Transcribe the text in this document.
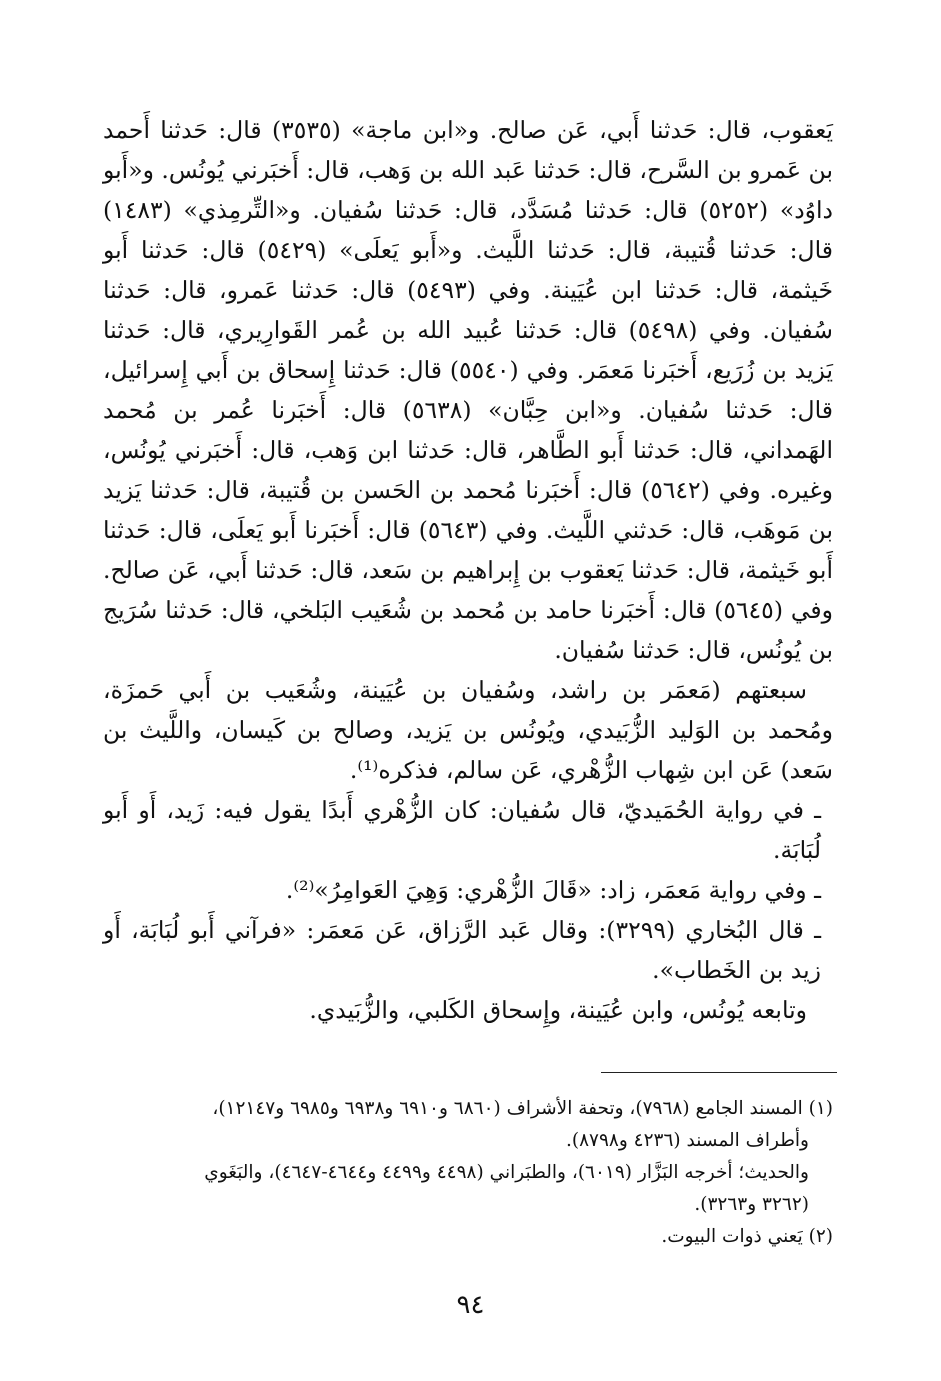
يَعقوب، قال: حَدثنا أَبي، عَن صالح. و«ابن ماجة» (٣٥٣٥) قال: حَدثنا أَحمد بن عَمرو بن السَّرح، قال: حَدثنا عَبد الله بن وَهب، قال: أَخبَرني يُونُس. و«أَبو داوُد» (٥٢٥٢) قال: حَدثنا مُسَدَّد، قال: حَدثنا سُفيان. و«التِّرمِذي» (١٤٨٣) قال: حَدثنا قُتيبة، قال: حَدثنا اللَّيث. و«أَبو يَعلَى» (٥٤٢٩) قال: حَدثنا أَبو خَيثمة، قال: حَدثنا ابن عُيَينة. وفي (٥٤٩٣) قال: حَدثنا عَمرو، قال: حَدثنا سُفيان. وفي (٥٤٩٨) قال: حَدثنا عُبيد الله بن عُمر القَوارِيري، قال: حَدثنا يَزيد بن زُرَيع، أَخبَرنا مَعمَر. وفي (٥٥٤٠) قال: حَدثنا إِسحاق بن أَبي إِسرائيل، قال: حَدثنا سُفيان. و«ابن حِبَّان» (٥٦٣٨) قال: أَخبَرنا عُمر بن مُحمد الهَمداني، قال: حَدثنا أَبو الطَّاهر، قال: حَدثنا ابن وَهب، قال: أَخبَرني يُونُس، وغيره. وفي (٥٦٤٢) قال: أَخبَرنا مُحمد بن الحَسن بن قُتيبة، قال: حَدثنا يَزيد بن مَوهَب، قال: حَدثني اللَّيث. وفي (٥٦٤٣) قال: أَخبَرنا أَبو يَعلَى، قال: حَدثنا أَبو خَيثمة، قال: حَدثنا يَعقوب بن إِبراهيم بن سَعد، قال: حَدثنا أَبي، عَن صالح. وفي (٥٦٤٥) قال: أَخبَرنا حامد بن مُحمد بن شُعَيب البَلخي، قال: حَدثنا سُرَيج بن يُونُس، قال: حَدثنا سُفيان.

سبعتهم (مَعمَر بن راشد، وسُفيان بن عُيَينة، وشُعَيب بن أَبي حَمزَة، ومُحمد بن الوَليد الزُّبَيدي، ويُونُس بن يَزيد، وصالح بن كَيسان، واللَّيث بن سَعد) عَن ابن شِهاب الزُّهْري، عَن سالم، فذكره⁽¹⁾.

ـ في رواية الحُمَيديّ، قال سُفيان: كان الزُّهْري أَبدًا يقول فيه: زَيد، أَو أَبو لُبَابَة.

ـ وفي رواية مَعمَر، زاد: «قَالَ الزُّهْري: وَهِيَ العَوامِرُ»⁽²⁾.

ـ قال البُخاري (٣٢٩٩): وقال عَبد الرَّزاق، عَن مَعمَر: «فرآني أَبو لُبَابَة، أَو زيد بن الخَطاب».

وتابعه يُونُس، وابن عُيَينة، وإِسحاق الكَلبي، والزُّبَيدي.

(١) المسند الجامع (٧٩٦٨)، وتحفة الأشراف (٦٨٦٠ و٦٩١٠ و٦٩٣٨ و٦٩٨٥ و١٢١٤٧)،

وأطراف المسند (٤٢٣٦ و٨٧٩٨).

والحديث؛ أخرجه البَزَّار (٦٠١٩)، والطبَراني (٤٤٩٨ و٤٤٩٩ و٤٦٤٤-٤٦٤٧)، والبَغَوي

(٣٢٦٢ و٣٢٦٣).

(٢) يَعني ذوات البيوت.

٩٤
